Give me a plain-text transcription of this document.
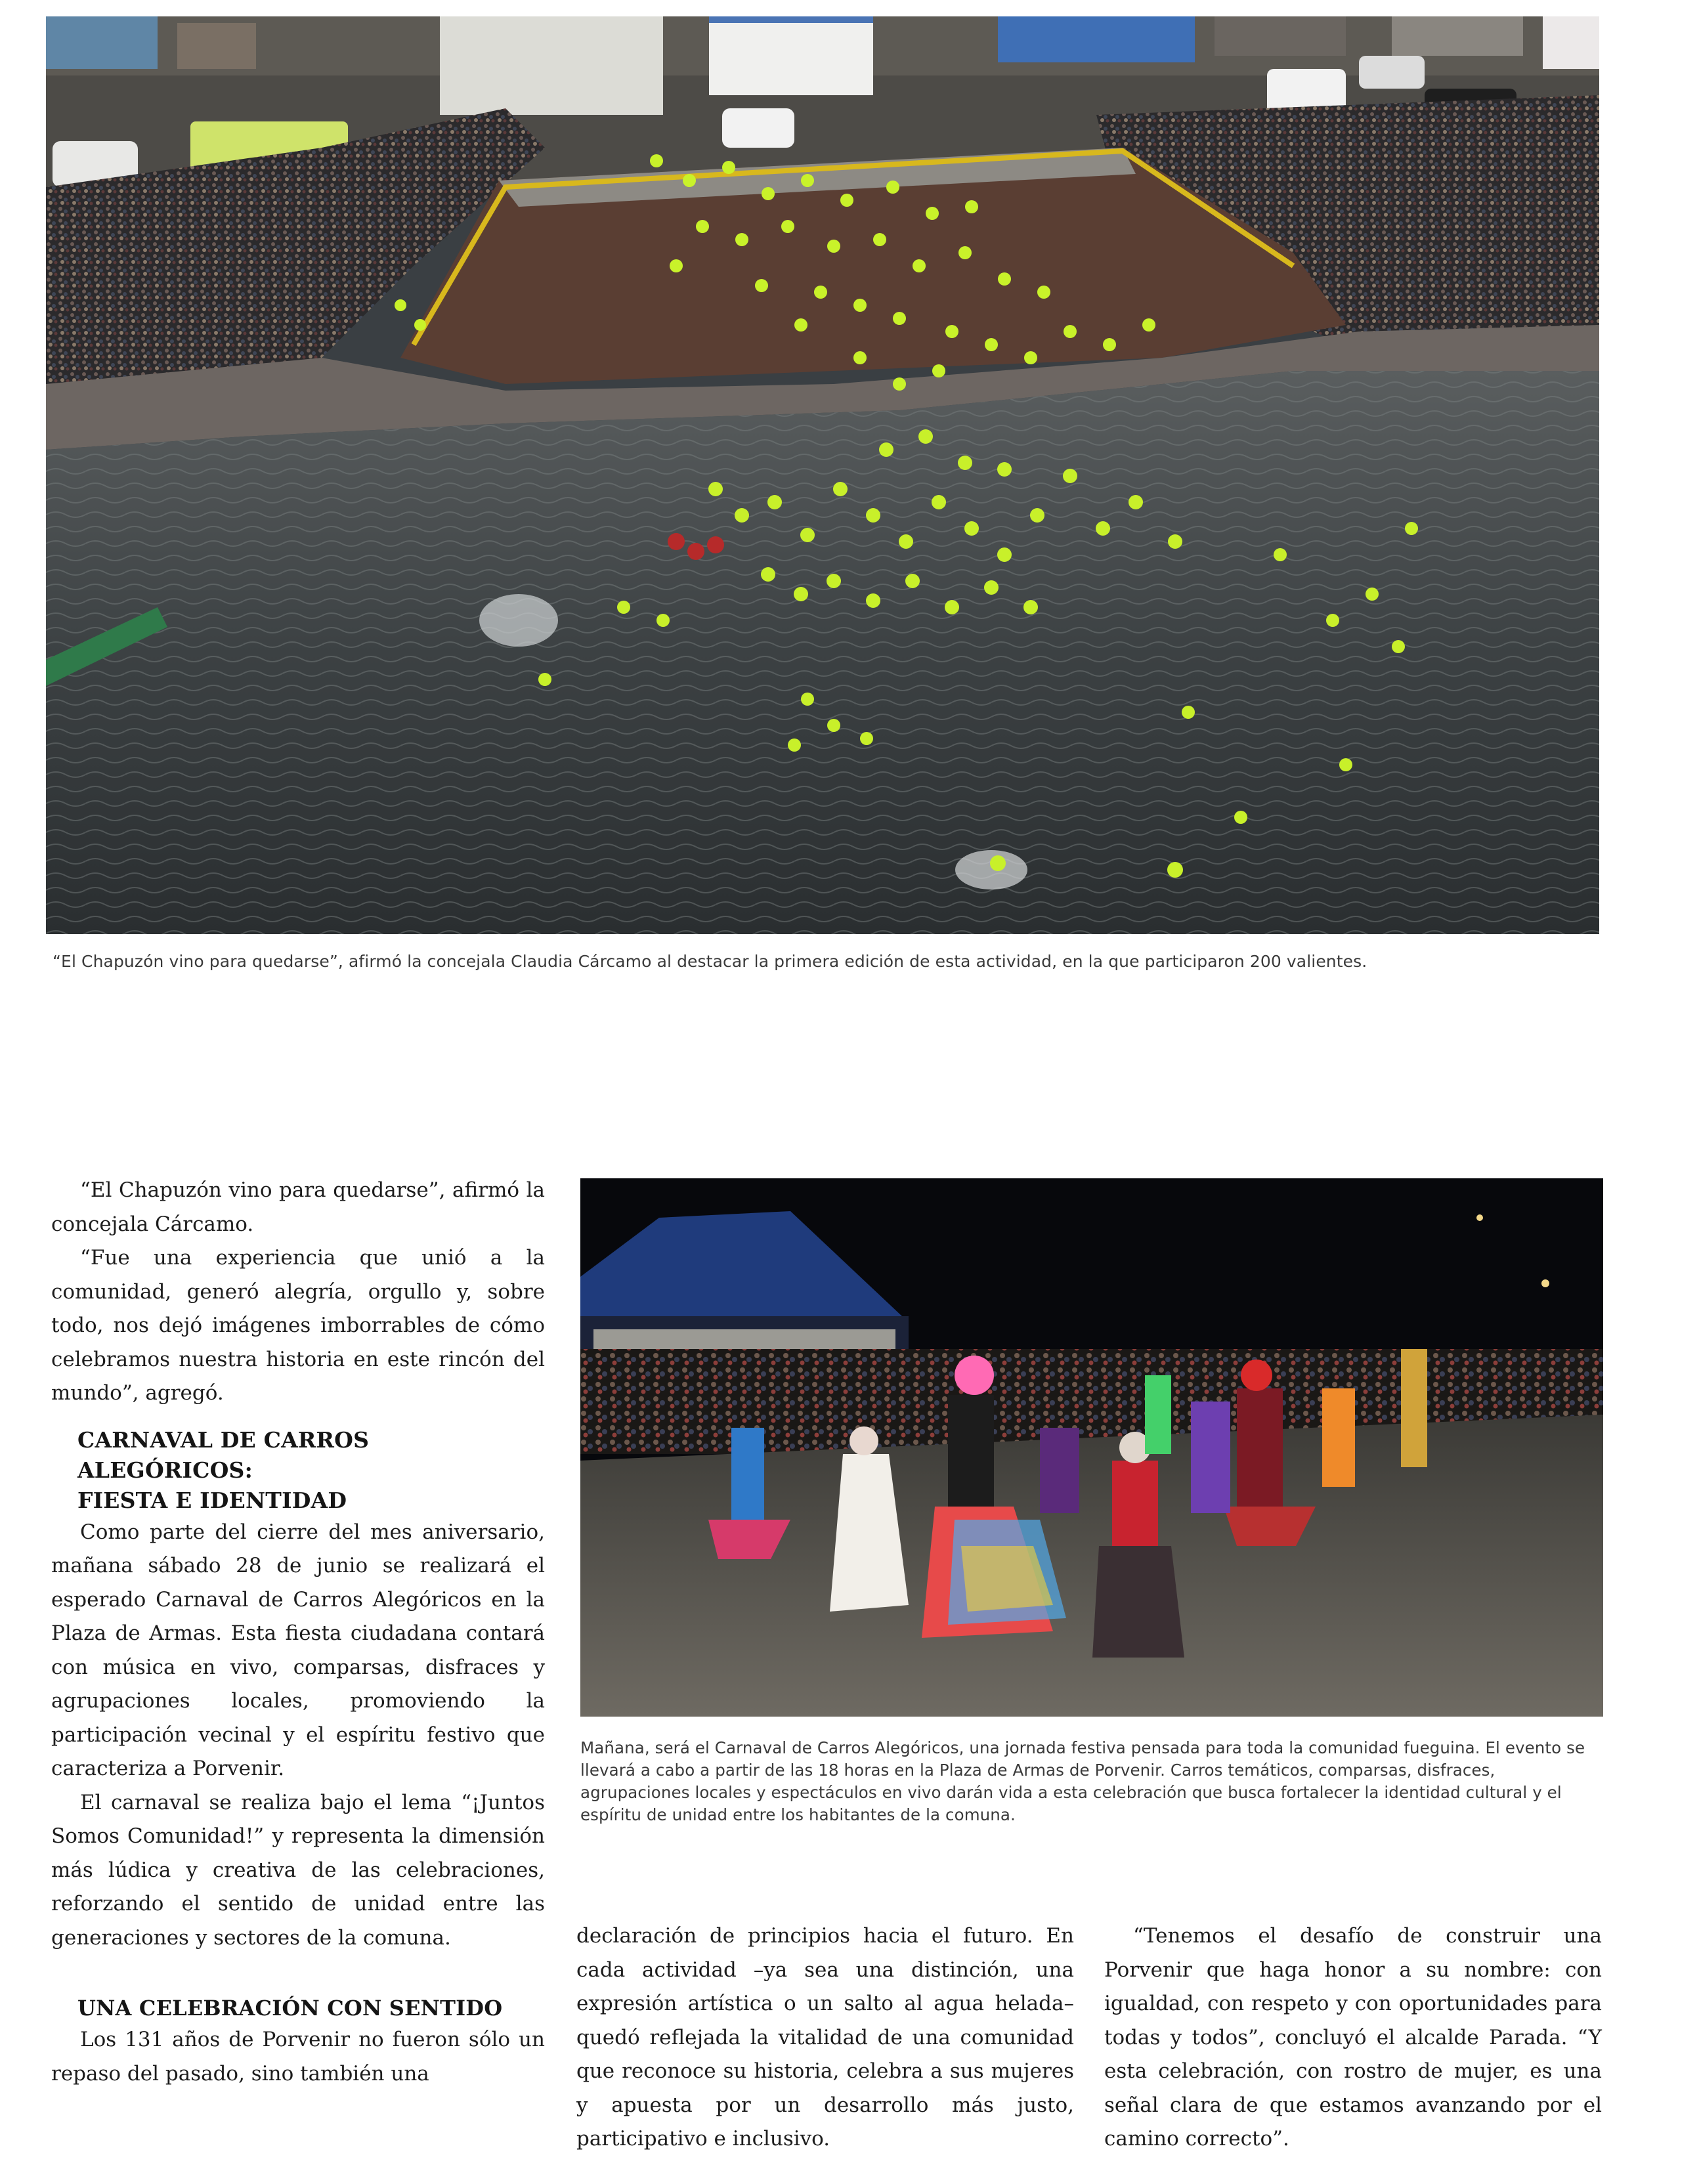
“El Chapuzón vino para quedarse”, afirmó la concejala Claudia Cárcamo al destacar la primera edición de esta actividad, en la que participaron 200 valientes.
Mañana, será el Carnaval de Carros Alegóricos, una jornada festiva pensada para toda la comunidad fueguina. El evento se llevará a cabo a partir de las 18 horas en la Plaza de Armas de Porvenir. Carros temáticos, comparsas, disfraces, agrupaciones locales y espectáculos en vivo darán vida a esta celebración que busca fortalecer la identidad cultural y el espíritu de unidad entre los habitantes de la comuna.

“El Chapuzón vino para quedarse”, afirmó la concejala Cárcamo.

“Fue una experiencia que unió a la comunidad, generó alegría, orgullo y, sobre todo, nos dejó imágenes imborrables de cómo celebramos nuestra historia en este rincón del mundo”, agregó.

CARNAVAL DE CARROS
ALEGÓRICOS:
FIESTA E IDENTIDAD

Como parte del cierre del mes aniversario, mañana sábado 28 de junio se realizará el esperado Carnaval de Carros Alegóricos en la Plaza de Armas. Esta fiesta ciudadana contará con música en vivo, comparsas, disfraces y agrupaciones locales, promoviendo la participación vecinal y el espíritu festivo que caracteriza a Porvenir.

El carnaval se realiza bajo el lema “¡Juntos Somos Comunidad!” y representa la dimensión más lúdica y creativa de las celebraciones, reforzando el sentido de unidad entre las generaciones y sectores de la comuna.

UNA CELEBRACIÓN CON SENTIDO

Los 131 años de Porvenir no fueron sólo un repaso del pasado, sino también una

declaración de principios hacia el futuro. En cada actividad –ya sea una distinción, una expresión artística o un salto al agua helada– quedó reflejada la vitalidad de una comunidad que reconoce su historia, celebra a sus mujeres y apuesta por un desarrollo más justo, participativo e inclusivo.

“Tenemos el desafío de construir una Porvenir que haga honor a su nombre: con igualdad, con respeto y con oportunidades para todas y todos”, concluyó el alcalde Parada. “Y esta celebración, con rostro de mujer, es una señal clara de que estamos avanzando por el camino correcto”.
